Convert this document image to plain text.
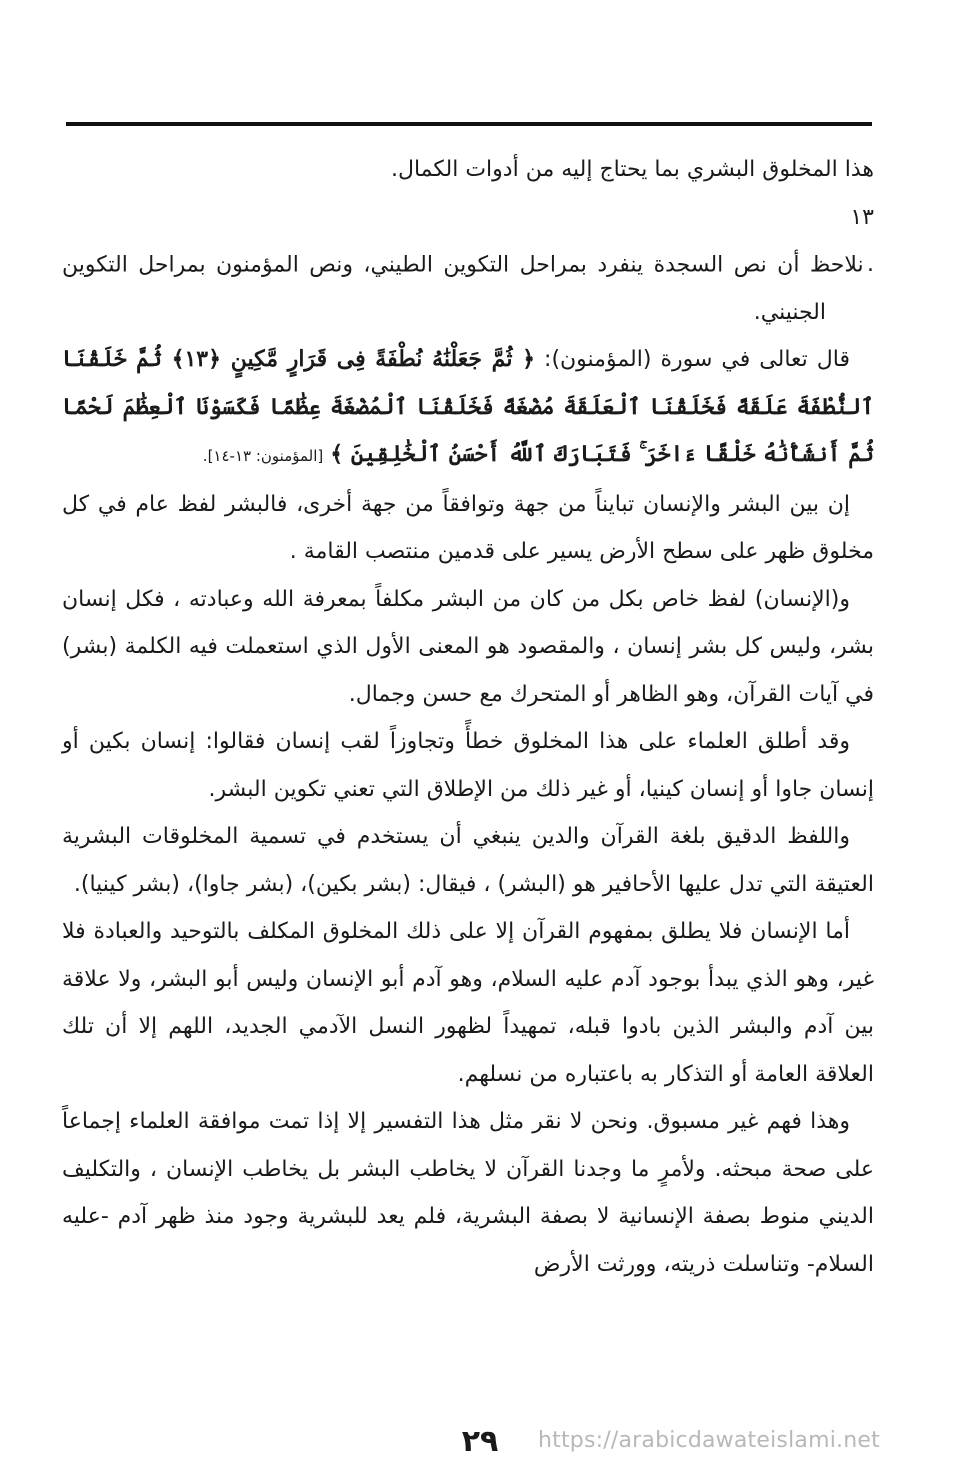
هذا المخلوق البشري بما يحتاج إليه من أدوات الكمال.

١٣ . نلاحظ أن نص السجدة ينفرد بمراحل التكوين الطيني، ونص المؤمنون بمراحل التكوين الجنيني.

قال تعالى في سورة (المؤمنون): ﴿ ثُمَّ جَعَلْنَٰهُ نُطْفَةً فِى قَرَارٍ مَّكِينٍ ﴿١٣﴾ ثُمَّ خَلَقْنَا ٱلنُّطْفَةَ عَلَقَةً فَخَلَقْنَا ٱلْعَلَقَةَ مُضْغَةً فَخَلَقْنَا ٱلْمُضْغَةَ عِظَٰمًا فَكَسَوْنَا ٱلْعِظَٰمَ لَحْمًا ثُمَّ أَنشَأْنَٰهُ خَلْقًا ءَاخَرَ ۚ فَتَبَارَكَ ٱللَّهُ أَحْسَنُ ٱلْخَٰلِقِينَ ﴾ [المؤمنون: ١٣-١٤].

إن بين البشر والإنسان تبايناً من جهة وتوافقاً من جهة أخرى، فالبشر لفظ عام في كل مخلوق ظهر على سطح الأرض يسير على قدمين منتصب القامة .

و(الإنسان) لفظ خاص بكل من كان من البشر مكلفاً بمعرفة الله وعبادته ، فكل إنسان بشر، وليس كل بشر إنسان ، والمقصود هو المعنى الأول الذي استعملت فيه الكلمة (بشر) في آيات القرآن، وهو الظاهر أو المتحرك مع حسن وجمال.

وقد أطلق العلماء على هذا المخلوق خطأً وتجاوزاً لقب إنسان فقالوا: إنسان بكين أو إنسان جاوا أو إنسان كينيا، أو غير ذلك من الإطلاق التي تعني تكوين البشر.

واللفظ الدقيق بلغة القرآن والدين ينبغي أن يستخدم في تسمية المخلوقات البشرية العتيقة التي تدل عليها الأحافير هو (البشر) ، فيقال: (بشر بكين)، (بشر جاوا)، (بشر كينيا).

أما الإنسان فلا يطلق بمفهوم القرآن إلا على ذلك المخلوق المكلف بالتوحيد والعبادة فلا غير، وهو الذي يبدأ بوجود آدم عليه السلام، وهو آدم أبو الإنسان وليس أبو البشر، ولا علاقة بين آدم والبشر الذين بادوا قبله، تمهيداً لظهور النسل الآدمي الجديد، اللهم إلا أن تلك العلاقة العامة أو التذكار به باعتباره من نسلهم.

وهذا فهم غير مسبوق. ونحن لا نقر مثل هذا التفسير إلا إذا تمت موافقة العلماء إجماعاً على صحة مبحثه. ولأمرٍ ما وجدنا القرآن لا يخاطب البشر بل يخاطب الإنسان ، والتكليف الديني منوط بصفة الإنسانية لا بصفة البشرية، فلم يعد للبشرية وجود منذ ظهر آدم -عليه السلام- وتناسلت ذريته، وورثت الأرض

٢٩	https://arabicdawateislami.net
